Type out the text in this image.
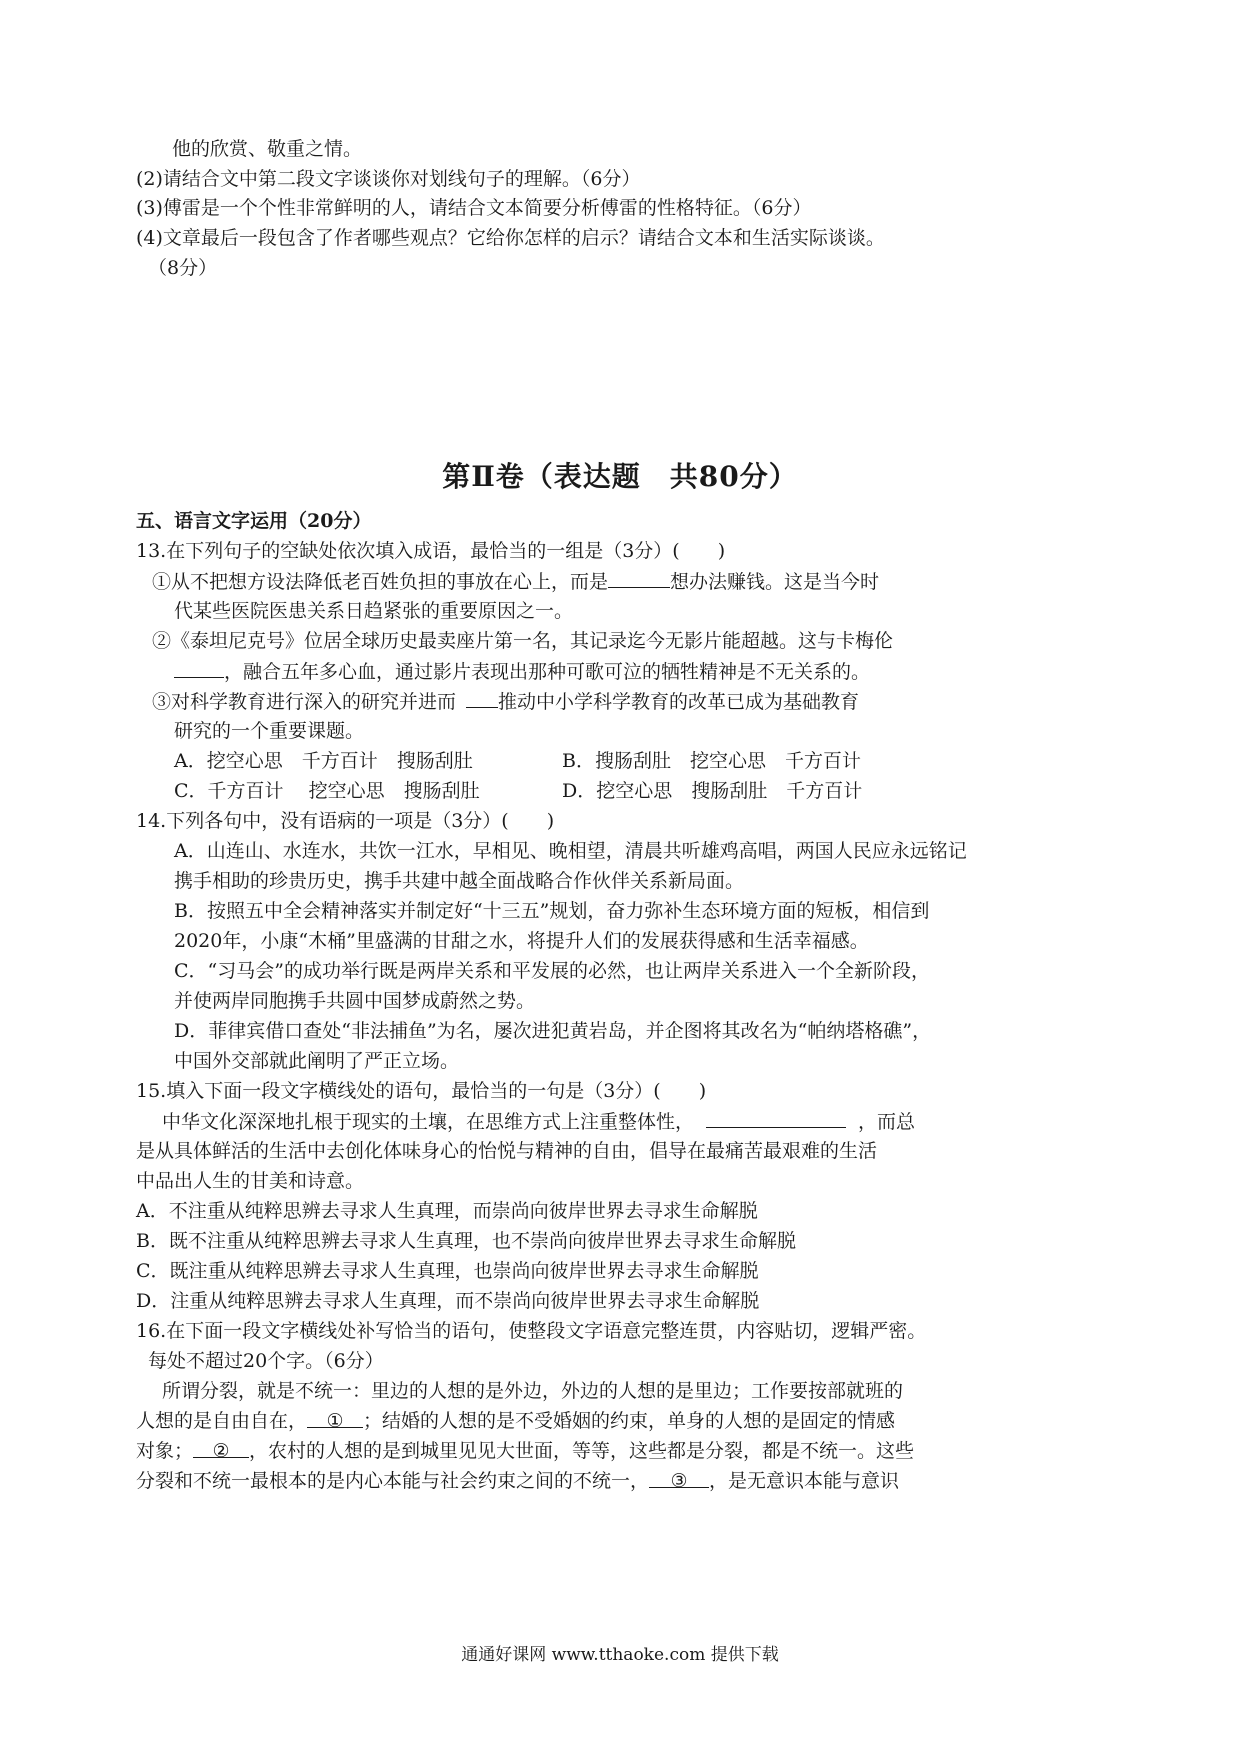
他的欣赏、敬重之情。
(2)请结合文中第二段文字谈谈你对划线句子的理解。（6分）
(3)傅雷是一个个性非常鲜明的人，请结合文本简要分析傅雷的性格特征。（6分）
(4)文章最后一段包含了作者哪些观点？它给你怎样的启示？请结合文本和生活实际谈谈。
（8分）
第Ⅱ卷（表达题　共80分）
五、语言文字运用（20分）
13.在下列句子的空缺处依次填入成语，最恰当的一组是（3分）(　　)
①从不把想方设法降低老百姓负担的事放在心上，而是	想办法赚钱。这是当今时
代某些医院医患关系日趋紧张的重要原因之一。
②《泰坦尼克号》位居全球历史最卖座片第一名，其记录迄今无影片能超越。这与卡梅伦
，融合五年多心血，通过影片表现出那种可歌可泣的牺牲精神是不无关系的。
③对科学教育进行深入的研究并进而 推动中小学科学教育的改革已成为基础教育
研究的一个重要课题。
A．挖空心思　千方百计　搜肠刮肚	B．搜肠刮肚　挖空心思　千方百计
C．千方百计　 挖空心思　搜肠刮肚	D．挖空心思　搜肠刮肚　千方百计
14.下列各句中，没有语病的一项是（3分）(　　)
A．山连山、水连水，共饮一江水，早相见、晚相望，清晨共听雄鸡高唱，两国人民应永远铭记
携手相助的珍贵历史，携手共建中越全面战略合作伙伴关系新局面。
B．按照五中全会精神落实并制定好“十三五”规划，奋力弥补生态环境方面的短板，相信到
2020年，小康“木桶”里盛满的甘甜之水，将提升人们的发展获得感和生活幸福感。
C．“习马会”的成功举行既是两岸关系和平发展的必然，也让两岸关系进入一个全新阶段，
并使两岸同胞携手共圆中国梦成蔚然之势。
D．菲律宾借口查处“非法捕鱼”为名，屡次进犯黄岩岛，并企图将其改名为“帕纳塔格礁”，
中国外交部就此阐明了严正立场。
15.填入下面一段文字横线处的语句，最恰当的一句是（3分）(　　)
中华文化深深地扎根于现实的土壤，在思维方式上注重整体性，	，而总
是从具体鲜活的生活中去创化体味身心的怡悦与精神的自由，倡导在最痛苦最艰难的生活
中品出人生的甘美和诗意。
A．不注重从纯粹思辨去寻求人生真理，而崇尚向彼岸世界去寻求生命解脱
B．既不注重从纯粹思辨去寻求人生真理，也不崇尚向彼岸世界去寻求生命解脱
C．既注重从纯粹思辨去寻求人生真理，也崇尚向彼岸世界去寻求生命解脱
D．注重从纯粹思辨去寻求人生真理，而不崇尚向彼岸世界去寻求生命解脱
16.在下面一段文字横线处补写恰当的语句，使整段文字语意完整连贯，内容贴切，逻辑严密。
每处不超过20个字。（6分）
所谓分裂，就是不统一：里边的人想的是外边，外边的人想的是里边；工作要按部就班的
人想的是自由自在， ① ；结婚的人想的是不受婚姻的约束，单身的人想的是固定的情感
对象； ② ，农村的人想的是到城里见见大世面，等等，这些都是分裂，都是不统一。这些
分裂和不统一最根本的是内心本能与社会约束之间的不统一， ③ ，是无意识本能与意识
通通好课网 www.tthaoke.com 提供下载
